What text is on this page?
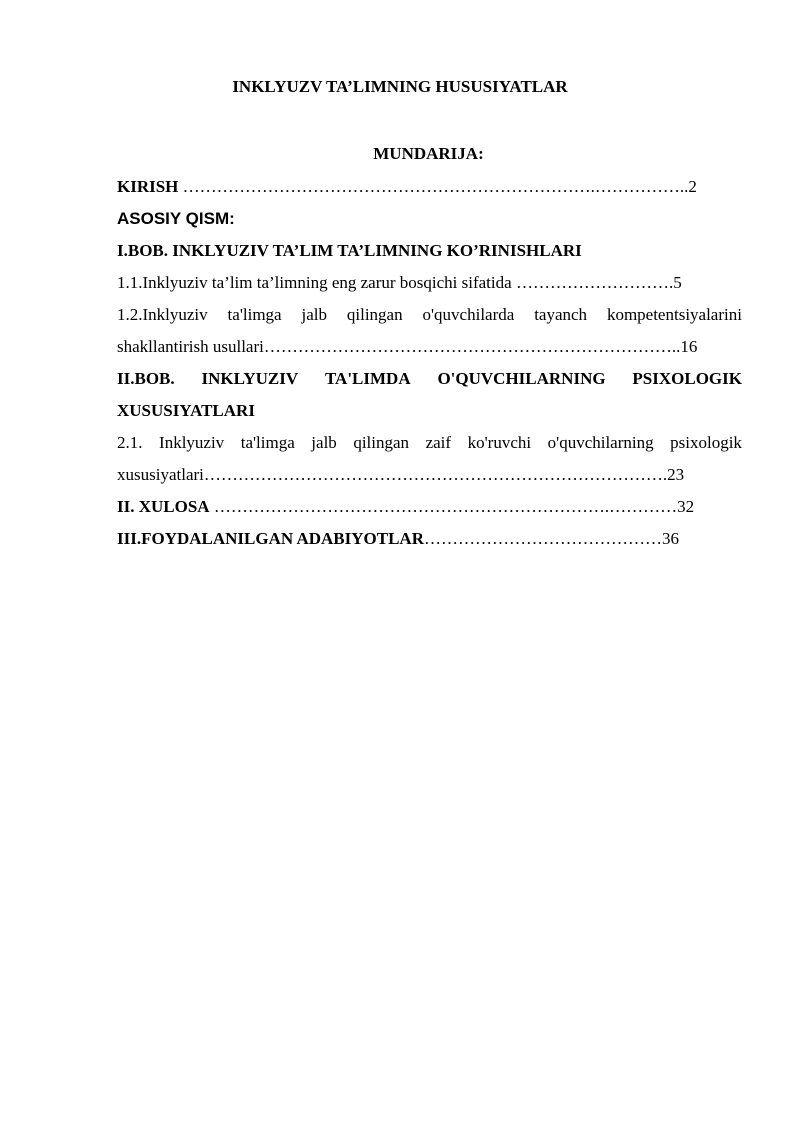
INKLYUZV TA’LIMNING HUSUSIYATLAR
MUNDARIJA:
KIRISH ……………………………………………………………….……………..2
ASOSIY QISM:
I.BOB. INKLYUZIV TA’LIM TA’LIMNING KO’RINISHLARI
1.1.Inklyuziv ta’lim ta’limning eng zarur bosqichi sifatida ……………………….5
1.2.Inklyuziv ta'limga jalb qilingan o'quvchilarda tayanch kompetentsiyalarini
shakllantirish usullari………………………………………………………………..16
II.BOB. INKLYUZIV TA'LIMDA O'QUVCHILARNING PSIXOLOGIK
XUSUSIYATLARI
2.1. Inklyuziv ta'limga jalb qilingan zaif ko'ruvchi o'quvchilarning psixologik
xususiyatlari……………………………………………………………………….23
II. XULOSA …………………………………………………………….…………32
III.FOYDALANILGAN ADABIYOTLAR……………………………………36
